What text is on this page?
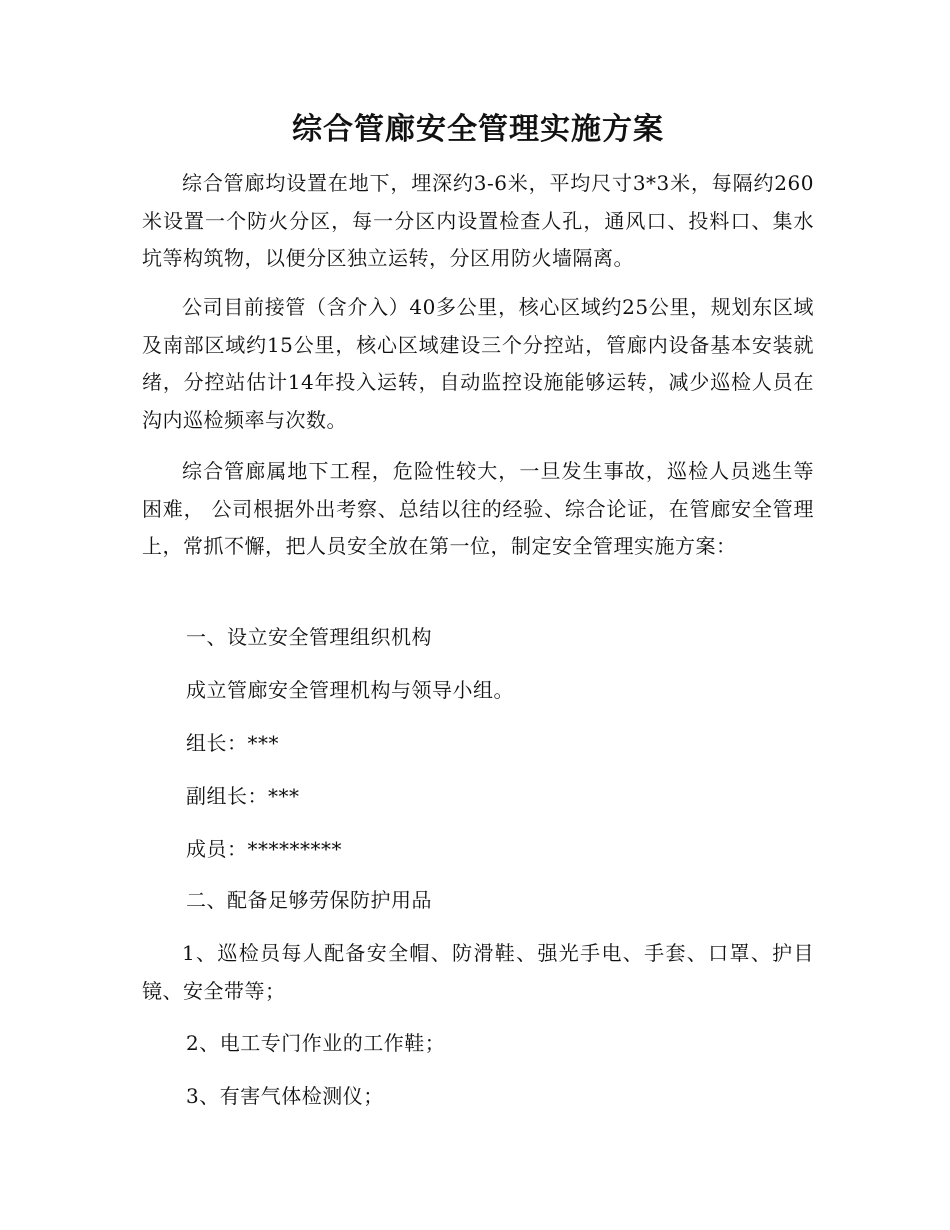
综合管廊安全管理实施方案

综合管廊均设置在地下，埋深约3-6米，平均尺寸3*3米，每隔约260米设置一个防火分区，每一分区内设置检查人孔，通风口、投料口、集水坑等构筑物，以便分区独立运转，分区用防火墙隔离。

公司目前接管（含介入）40多公里，核心区域约25公里，规划东区域及南部区域约15公里，核心区域建设三个分控站，管廊内设备基本安装就绪，分控站估计14年投入运转，自动监控设施能够运转，减少巡检人员在沟内巡检频率与次数。

综合管廊属地下工程，危险性较大，一旦发生事故，巡检人员逃生等困难， 公司根据外出考察、总结以往的经验、综合论证，在管廊安全管理上，常抓不懈，把人员安全放在第一位，制定安全管理实施方案：

一、设立安全管理组织机构
成立管廊安全管理机构与领导小组。
组长：***
副组长：***
成员：*********
二、配备足够劳保防护用品

1、巡检员每人配备安全帽、防滑鞋、强光手电、手套、口罩、护目镜、安全带等；

2、电工专门作业的工作鞋；
3、有害气体检测仪；
